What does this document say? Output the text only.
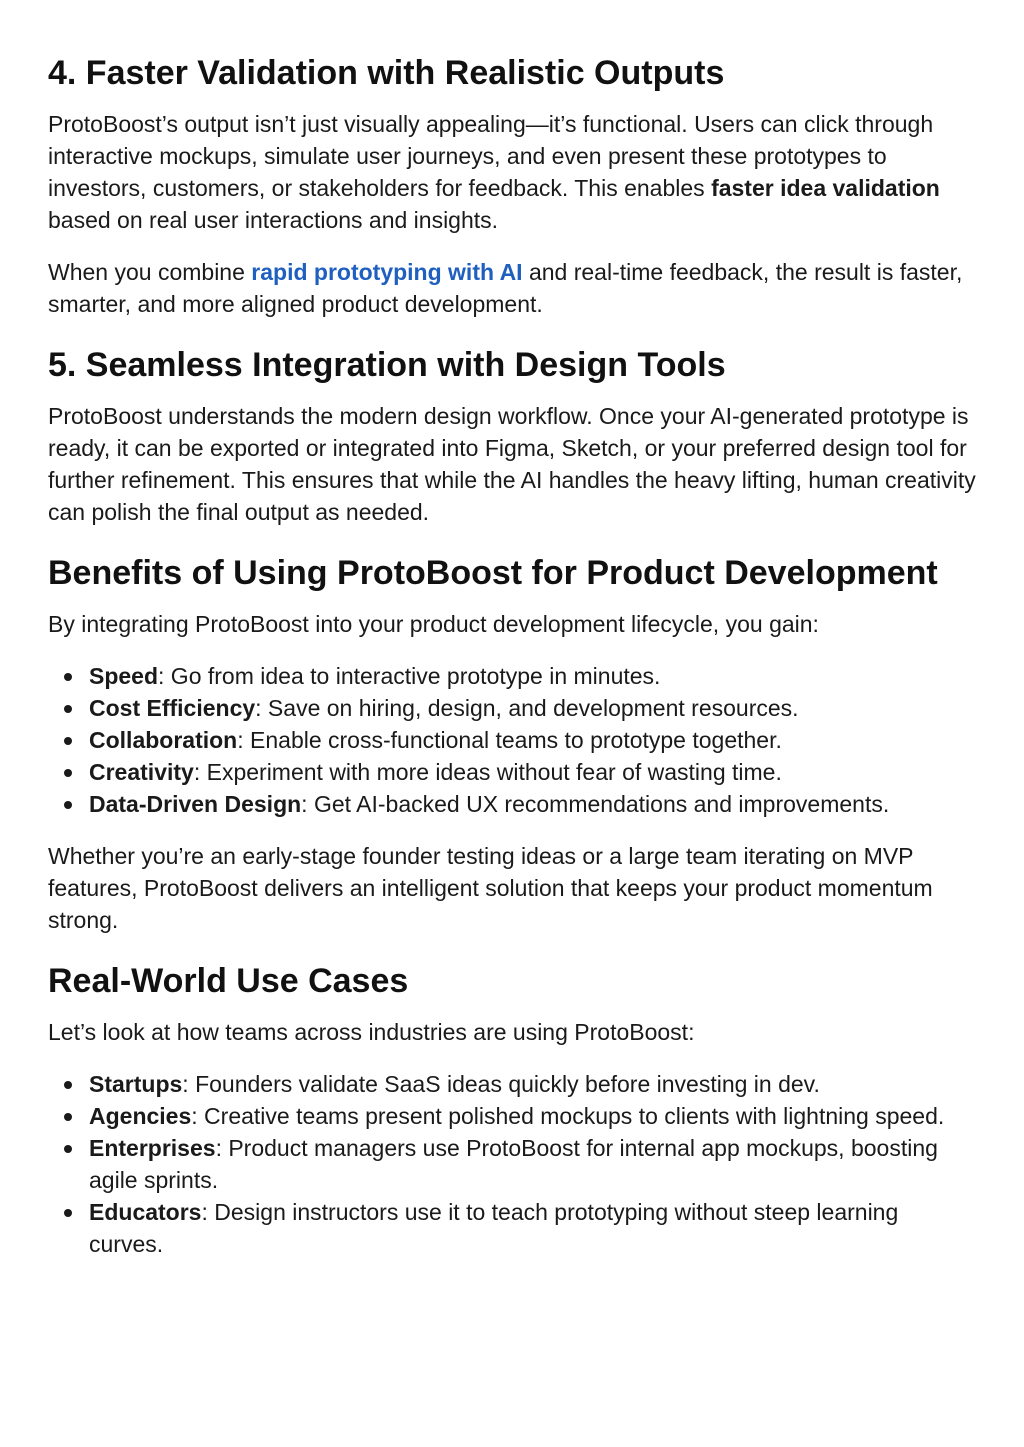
4. Faster Validation with Realistic Outputs

ProtoBoost’s output isn’t just visually appealing—it’s functional. Users can click through interactive mockups, simulate user journeys, and even present these prototypes to investors, customers, or stakeholders for feedback. This enables faster idea validation based on real user interactions and insights.

When you combine rapid prototyping with AI and real-time feedback, the result is faster, smarter, and more aligned product development.

5. Seamless Integration with Design Tools

ProtoBoost understands the modern design workflow. Once your AI-generated prototype is ready, it can be exported or integrated into Figma, Sketch, or your preferred design tool for further refinement. This ensures that while the AI handles the heavy lifting, human creativity can polish the final output as needed.

Benefits of Using ProtoBoost for Product Development

By integrating ProtoBoost into your product development lifecycle, you gain:

Speed: Go from idea to interactive prototype in minutes.
Cost Efficiency: Save on hiring, design, and development resources.
Collaboration: Enable cross-functional teams to prototype together.
Creativity: Experiment with more ideas without fear of wasting time.
Data-Driven Design: Get AI-backed UX recommendations and improvements.

Whether you’re an early-stage founder testing ideas or a large team iterating on MVP features, ProtoBoost delivers an intelligent solution that keeps your product momentum strong.

Real-World Use Cases

Let’s look at how teams across industries are using ProtoBoost:

Startups: Founders validate SaaS ideas quickly before investing in dev.
Agencies: Creative teams present polished mockups to clients with lightning speed.
Enterprises: Product managers use ProtoBoost for internal app mockups, boosting agile sprints.
Educators: Design instructors use it to teach prototyping without steep learning curves.
